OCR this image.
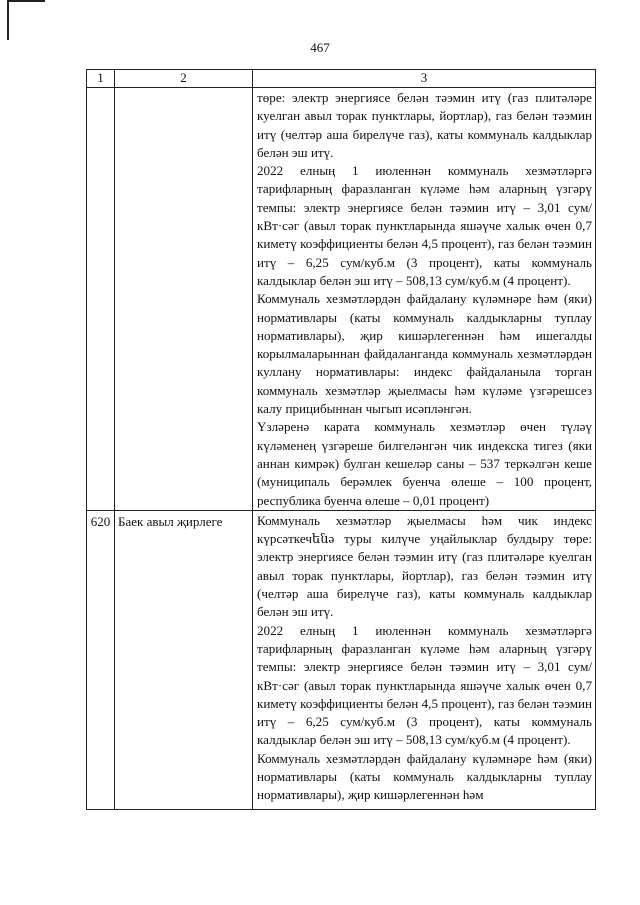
467
1	2	3

		төре: электр энергиясе белән тәэмин итү (газ плитәләре куелган авыл торак пунктлары, йортлар), газ белән тәэмин итү (челтәр аша бирелүче газ), каты коммуналь калдыклар белән эш итү.

2022 елның 1 июленнән коммуналь хезмәтләргә тарифларның фаразланган күләме һәм аларның үзгәрү темпы: электр энергиясе белән тәэмин итү – 3,01 сум/кВт·сәг (авыл торак пунктларында яшәүче халык өчен 0,7 киметү коэффициенты белән 4,5 процент), газ белән тәэмин итү – 6,25 сум/куб.м (3 процент), каты коммуналь калдыклар белән эш итү – 508,13 сум/куб.м (4 процент).

Коммуналь хезмәтләрдән файдалану күләмнәре һәм (яки) нормативлары (каты коммуналь калдыкларны туплау нормативлары), җир кишәрлегеннән һәм ишегалды корылмаларыннан файдаланганда коммуналь хезмәтләрдән куллану нормативлары: индекс файдаланыла торган коммуналь хезмәтләр җыелмасы һәм күләме үзгәрешсез калу прицибыннан чыгып исәпләнгән.

Үзләренә карата коммуналь хезмәтләр өчен түләү күләменең үзгәреше билгеләнгән чик индекска тигез (яки аннан кимрәк) булган кешеләр саны – 537 теркәлгән кеше (муниципаль берәмлек буенча өлеше – 100 процент, республика буенча өлеше – 0,01 процент)

620	Баек авыл җирлеге	Коммуналь хезмәтләр җыелмасы һәм чик индекс күрсәткечենә туры килүче уңайлыклар булдыру төре: электр энергиясе белән тәэмин итү (газ плитәләре куелган авыл торак пунктлары, йортлар), газ белән тәэмин итү (челтәр аша бирелүче газ), каты коммуналь калдыклар белән эш итү.

2022 елның 1 июленнән коммуналь хезмәтләргә тарифларның фаразланган күләме һәм аларның үзгәрү темпы: электр энергиясе белән тәэмин итү – 3,01 сум/кВт·сәг (авыл торак пунктларында яшәүче халык өчен 0,7 киметү коэффициенты белән 4,5 процент), газ белән тәэмин итү – 6,25 сум/куб.м (3 процент), каты коммуналь калдыклар белән эш итү – 508,13 сум/куб.м (4 процент).

Коммуналь хезмәтләрдән файдалану күләмнәре һәм (яки) нормативлары (каты коммуналь калдыкларны туплау нормативлары), җир кишәрлегеннән һәм
